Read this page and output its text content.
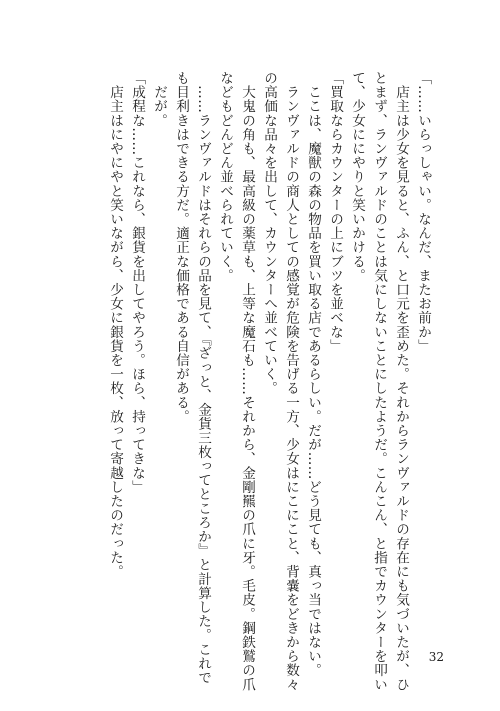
「……いらっしゃい。なんだ、またお前か」
　店主は少女を見ると、ふん、と口元を歪めた。それからランヴァルドの存在にも気づいたが、ひ
とまず、ランヴァルドのことは気にしないことにしたようだ。こんこん、と指でカウンターを叩い
て、少女ににやりと笑いかける。
「買取ならカウンターの上にブツを並べな」
　ここは、魔獣の森の物品を買い取る店であるらしい。だが……どう見ても、真っ当ではない。
　ランヴァルドの商人としての感覚が危険を告げる一方、少女はにこにこと、背嚢をどきから数々
の高価な品々を出して、カウンターへ並べていく。
　大鬼の角も、最高級の薬草も、上等な魔石も……それから、金剛羆の爪に牙。毛皮。鋼鉄鷲の爪
などもどんどん並べられていく。
　……ランヴァルドはそれらの品を見て、『ざっと、金貨三枚ってところか』と計算した。これで
も目利きはできる方だ。適正な価格である自信がある。
　だが。
「成程な……これなら、銀貨を出してやろう。ほら、持ってきな」
　店主はにやにやと笑いながら、少女に銀貨を一枚、放って寄越したのだった。
32
